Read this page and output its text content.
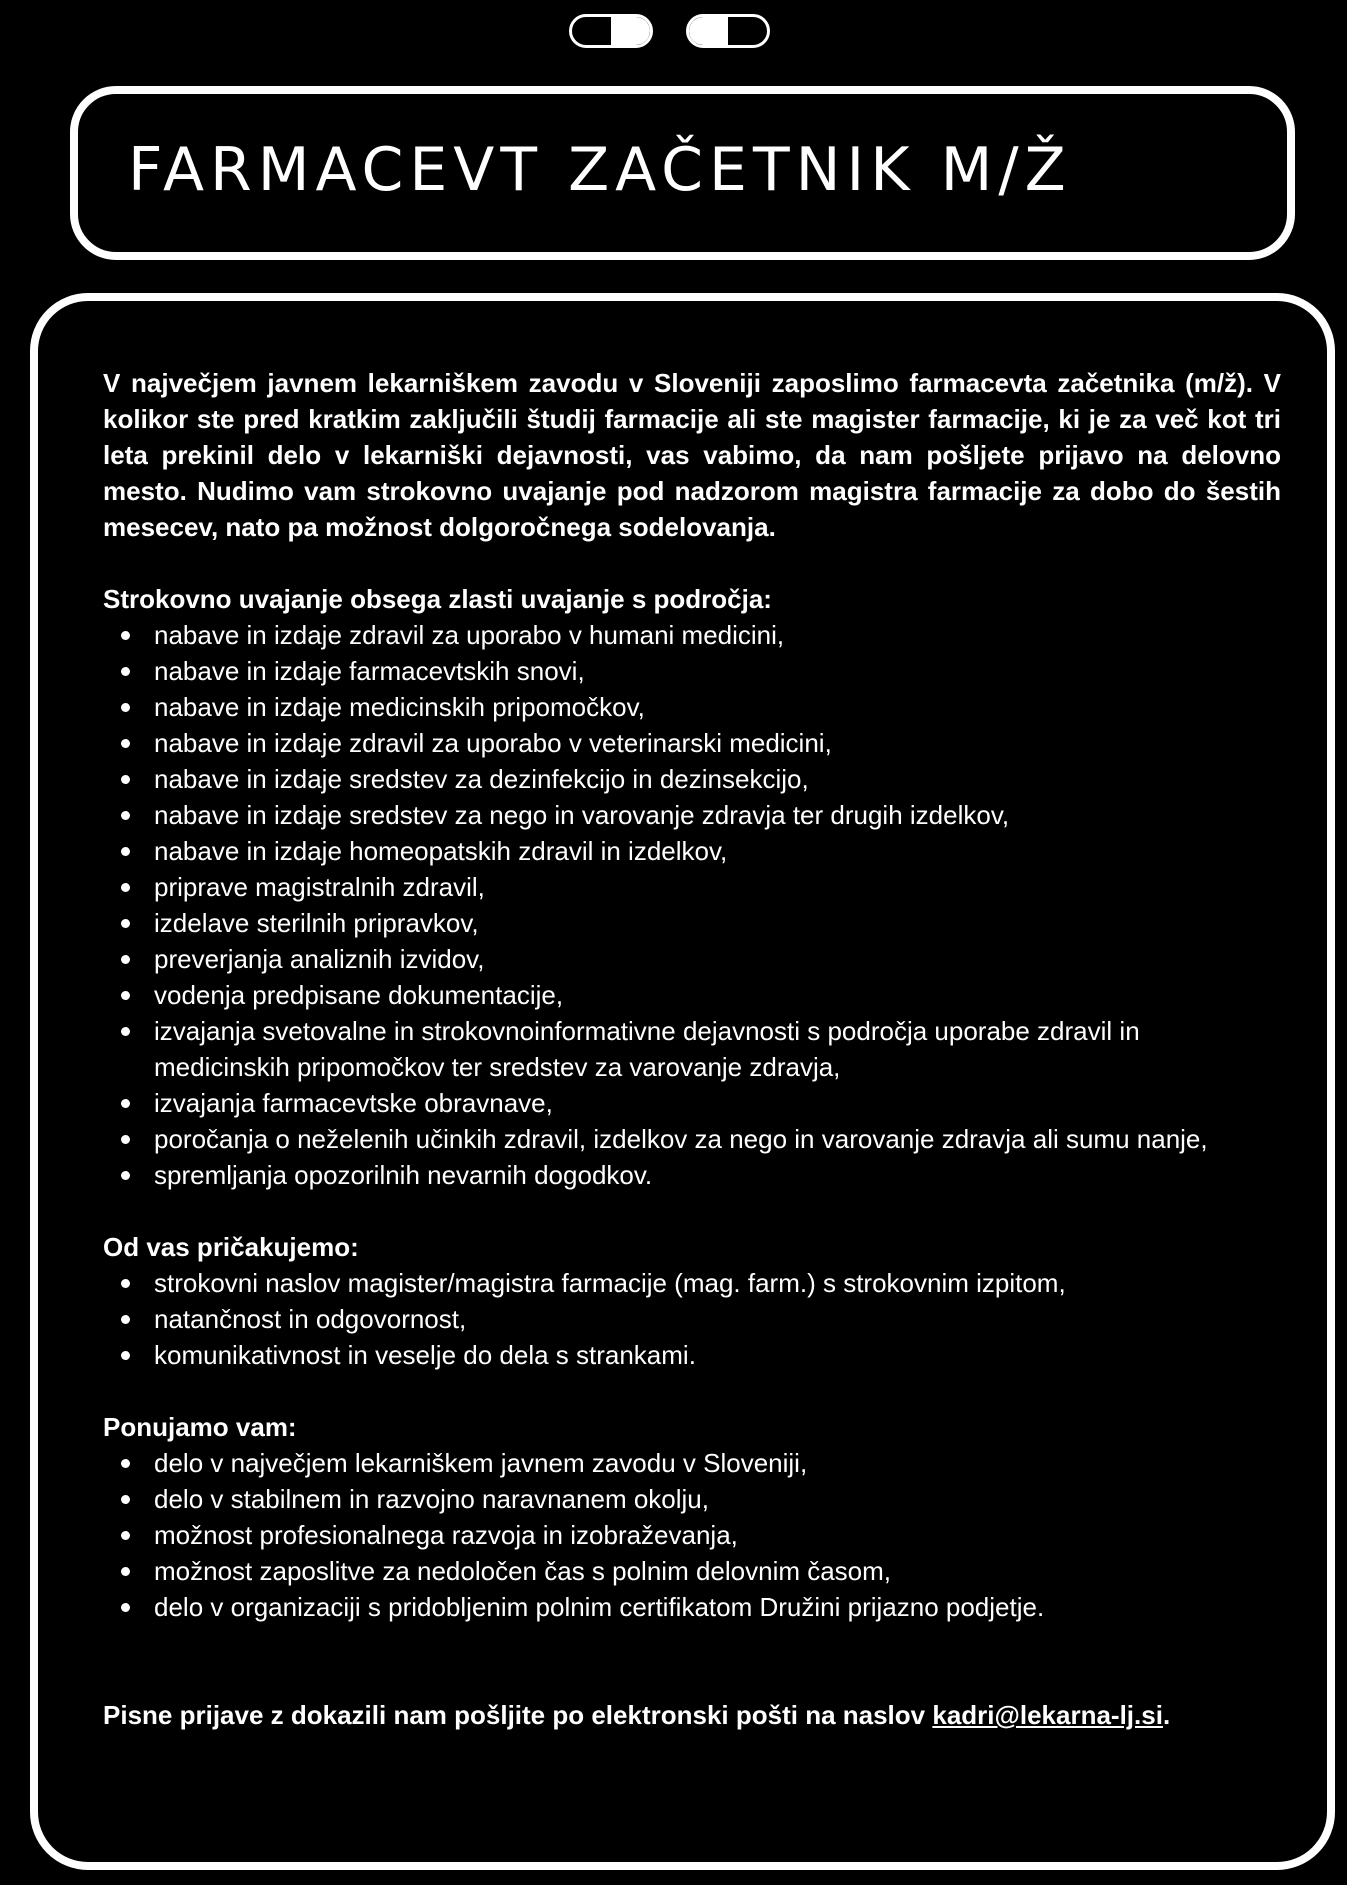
FARMACEVT ZAČETNIK M/Ž

V največjem javnem lekarniškem zavodu v Sloveniji zaposlimo farmacevta začetnika (m/ž). V kolikor ste pred kratkim zaključili študij farmacije ali ste magister farmacije, ki je za več kot tri leta prekinil delo v lekarniški dejavnosti, vas vabimo, da nam pošljete prijavo na delovno mesto. Nudimo vam strokovno uvajanje pod nadzorom magistra farmacije za dobo do šestih mesecev, nato pa možnost dolgoročnega sodelovanja.

Strokovno uvajanje obsega zlasti uvajanje s področja:

nabave in izdaje zdravil za uporabo v humani medicini,
nabave in izdaje farmacevtskih snovi,
nabave in izdaje medicinskih pripomočkov,
nabave in izdaje zdravil za uporabo v veterinarski medicini,
nabave in izdaje sredstev za dezinfekcijo in dezinsekcijo,
nabave in izdaje sredstev za nego in varovanje zdravja ter drugih izdelkov,
nabave in izdaje homeopatskih zdravil in izdelkov,
priprave magistralnih zdravil,
izdelave sterilnih pripravkov,
preverjanja analiznih izvidov,
vodenja predpisane dokumentacije,
izvajanja svetovalne in strokovnoinformativne dejavnosti s področja uporabe zdravil in medicinskih pripomočkov ter sredstev za varovanje zdravja,
izvajanja farmacevtske obravnave,
poročanja o neželenih učinkih zdravil, izdelkov za nego in varovanje zdravja ali sumu nanje,
spremljanja opozorilnih nevarnih dogodkov.

Od vas pričakujemo:

strokovni naslov magister/magistra farmacije (mag. farm.) s strokovnim izpitom,
natančnost in odgovornost,
komunikativnost in veselje do dela s strankami.

Ponujamo vam:

delo v največjem lekarniškem javnem zavodu v Sloveniji,
delo v stabilnem in razvojno naravnanem okolju,
možnost profesionalnega razvoja in izobraževanja,
možnost zaposlitve za nedoločen čas s polnim delovnim časom,
delo v organizaciji s pridobljenim polnim certifikatom Družini prijazno podjetje.

Pisne prijave z dokazili nam pošljite po elektronski pošti na naslov kadri@lekarna-lj.si.
